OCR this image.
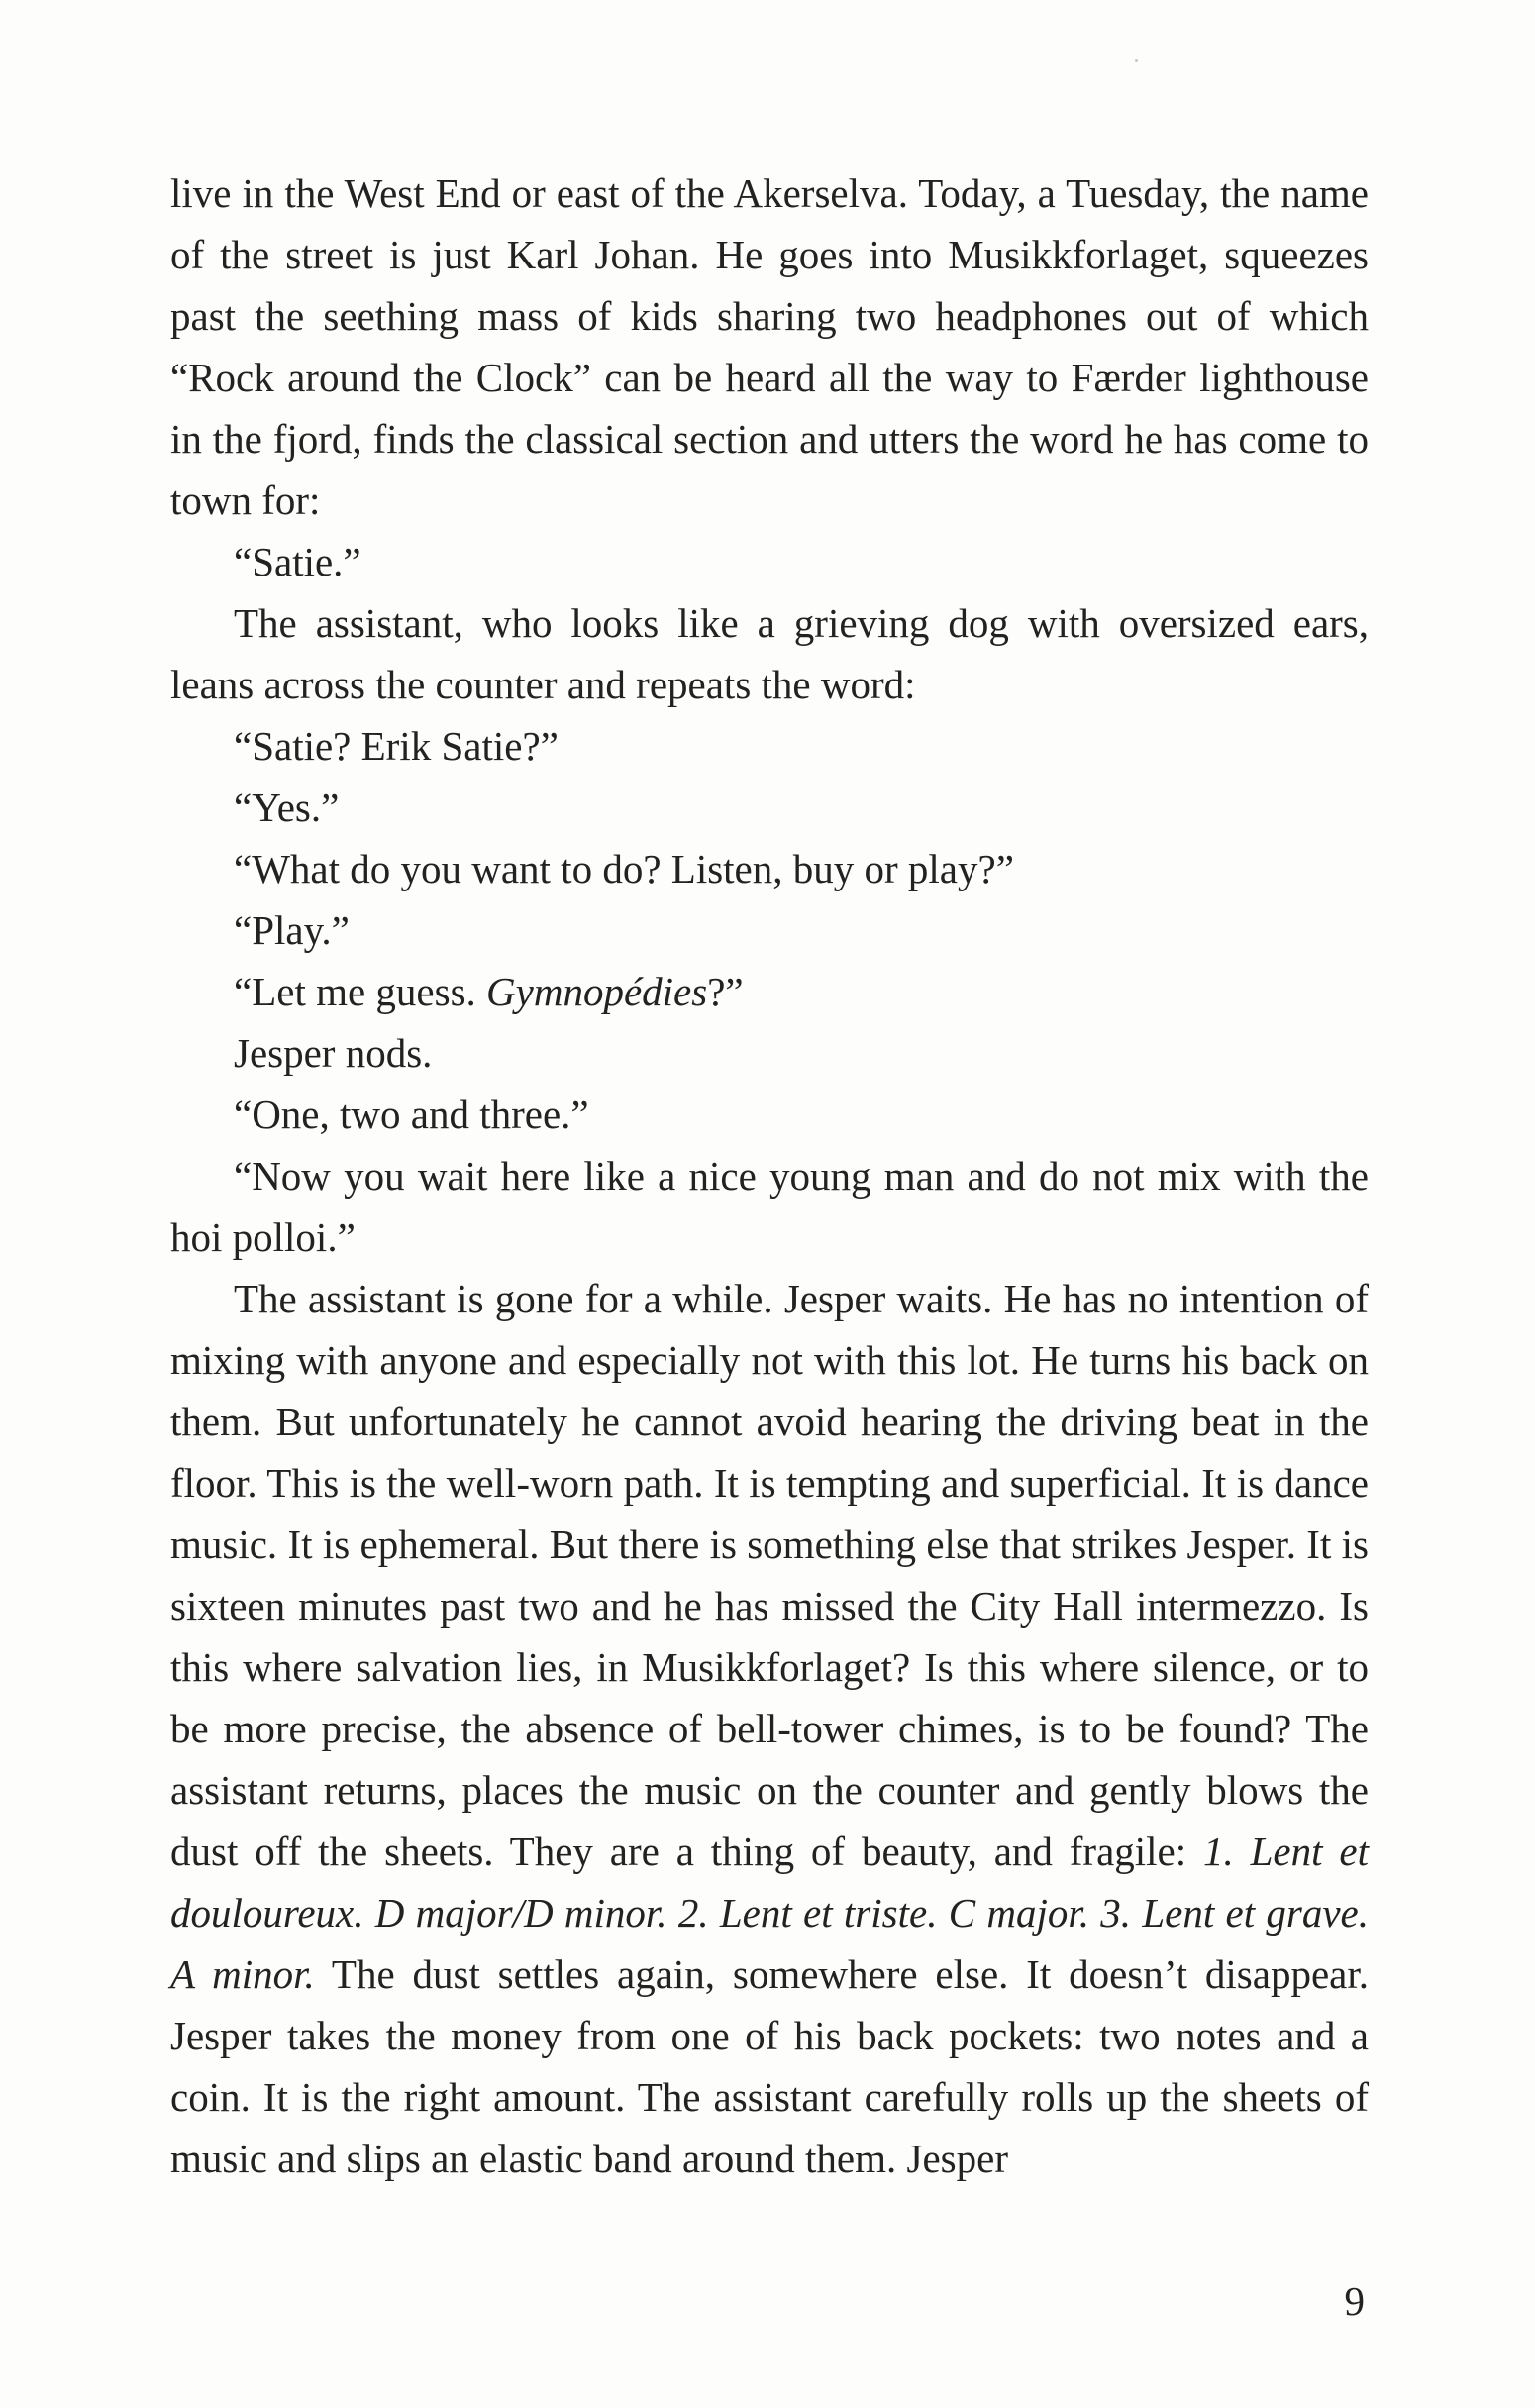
live in the West End or east of the Akerselva. Today, a Tuesday, the name of the street is just Karl Johan. He goes into Musikkforlaget, squeezes past the seething mass of kids sharing two headphones out of which “Rock around the Clock” can be heard all the way to Færder lighthouse in the fjord, finds the classical section and utters the word he has come to town for:

“Satie.”

The assistant, who looks like a grieving dog with oversized ears, leans across the counter and repeats the word:

“Satie? Erik Satie?”

“Yes.”

“What do you want to do? Listen, buy or play?”

“Play.”

“Let me guess. Gymnopédies?”

Jesper nods.

“One, two and three.”

“Now you wait here like a nice young man and do not mix with the hoi polloi.”

The assistant is gone for a while. Jesper waits. He has no intention of mixing with anyone and especially not with this lot. He turns his back on them. But unfortunately he cannot avoid hearing the driving beat in the floor. This is the well-worn path. It is tempting and superficial. It is dance music. It is ephemeral. But there is something else that strikes Jesper. It is sixteen minutes past two and he has missed the City Hall intermezzo. Is this where salvation lies, in Musikkforlaget? Is this where silence, or to be more precise, the absence of bell-tower chimes, is to be found? The assistant returns, places the music on the counter and gently blows the dust off the sheets. They are a thing of beauty, and fragile: 1. Lent et douloureux. D major/D minor. 2. Lent et triste. C major. 3. Lent et grave. A minor. The dust settles again, somewhere else. It doesn’t disappear. Jesper takes the money from one of his back pockets: two notes and a coin. It is the right amount. The assistant carefully rolls up the sheets of music and slips an elastic band around them. Jesper

9
